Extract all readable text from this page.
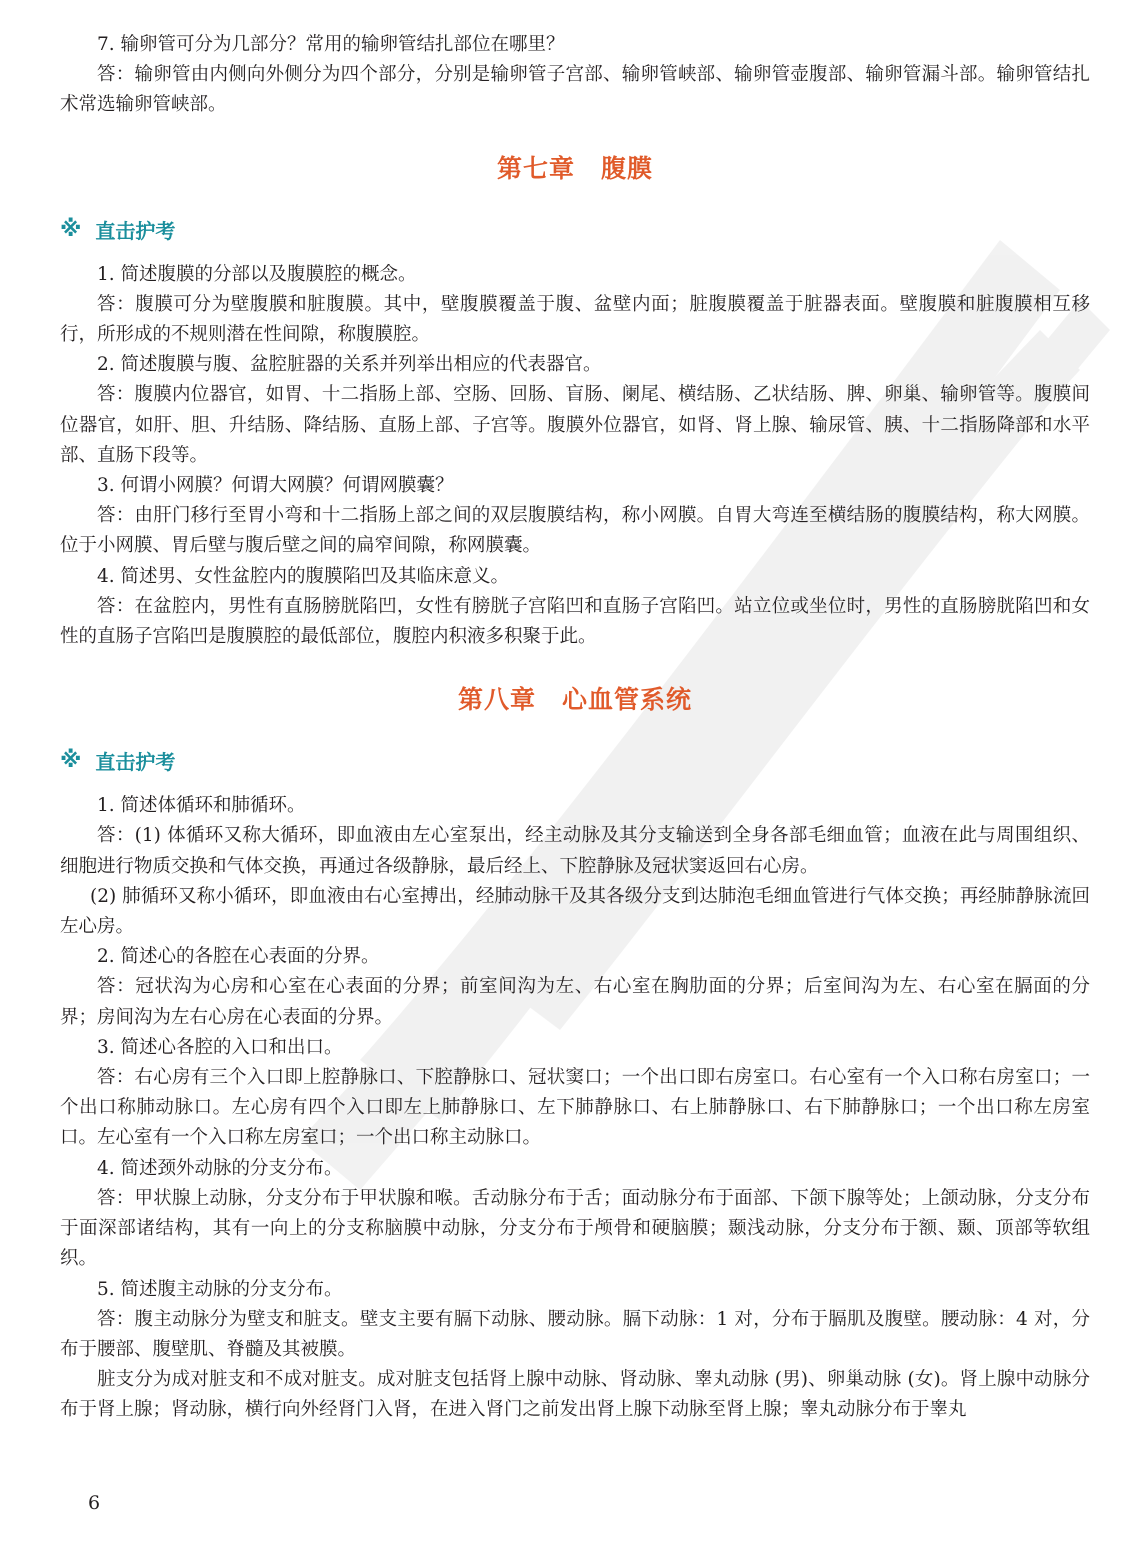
7. 输卵管可分为几部分？常用的输卵管结扎部位在哪里？

答：输卵管由内侧向外侧分为四个部分，分别是输卵管子宫部、输卵管峡部、输卵管壶腹部、输卵管漏斗部。输卵管结扎术常选输卵管峡部。

第七章　腹膜
※ 直击护考

1. 简述腹膜的分部以及腹膜腔的概念。

答：腹膜可分为壁腹膜和脏腹膜。其中，壁腹膜覆盖于腹、盆壁内面；脏腹膜覆盖于脏器表面。壁腹膜和脏腹膜相互移行，所形成的不规则潜在性间隙，称腹膜腔。

2. 简述腹膜与腹、盆腔脏器的关系并列举出相应的代表器官。

答：腹膜内位器官，如胃、十二指肠上部、空肠、回肠、盲肠、阑尾、横结肠、乙状结肠、脾、卵巢、输卵管等。腹膜间位器官，如肝、胆、升结肠、降结肠、直肠上部、子宫等。腹膜外位器官，如肾、肾上腺、输尿管、胰、十二指肠降部和水平部、直肠下段等。

3. 何谓小网膜？何谓大网膜？何谓网膜囊？

答：由肝门移行至胃小弯和十二指肠上部之间的双层腹膜结构，称小网膜。自胃大弯连至横结肠的腹膜结构，称大网膜。位于小网膜、胃后壁与腹后壁之间的扁窄间隙，称网膜囊。

4. 简述男、女性盆腔内的腹膜陷凹及其临床意义。

答：在盆腔内，男性有直肠膀胱陷凹，女性有膀胱子宫陷凹和直肠子宫陷凹。站立位或坐位时，男性的直肠膀胱陷凹和女性的直肠子宫陷凹是腹膜腔的最低部位，腹腔内积液多积聚于此。

第八章　心血管系统
※ 直击护考

1. 简述体循环和肺循环。

答：(1) 体循环又称大循环，即血液由左心室泵出，经主动脉及其分支输送到全身各部毛细血管；血液在此与周围组织、细胞进行物质交换和气体交换，再通过各级静脉，最后经上、下腔静脉及冠状窦返回右心房。

(2) 肺循环又称小循环，即血液由右心室搏出，经肺动脉干及其各级分支到达肺泡毛细血管进行气体交换；再经肺静脉流回左心房。

2. 简述心的各腔在心表面的分界。

答：冠状沟为心房和心室在心表面的分界；前室间沟为左、右心室在胸肋面的分界；后室间沟为左、右心室在膈面的分界；房间沟为左右心房在心表面的分界。

3. 简述心各腔的入口和出口。

答：右心房有三个入口即上腔静脉口、下腔静脉口、冠状窦口；一个出口即右房室口。右心室有一个入口称右房室口；一个出口称肺动脉口。左心房有四个入口即左上肺静脉口、左下肺静脉口、右上肺静脉口、右下肺静脉口；一个出口称左房室口。左心室有一个入口称左房室口；一个出口称主动脉口。

4. 简述颈外动脉的分支分布。

答：甲状腺上动脉，分支分布于甲状腺和喉。舌动脉分布于舌；面动脉分布于面部、下颌下腺等处；上颌动脉，分支分布于面深部诸结构，其有一向上的分支称脑膜中动脉，分支分布于颅骨和硬脑膜；颞浅动脉，分支分布于额、颞、顶部等软组织。

5. 简述腹主动脉的分支分布。

答：腹主动脉分为壁支和脏支。壁支主要有膈下动脉、腰动脉。膈下动脉：1 对，分布于膈肌及腹壁。腰动脉：4 对，分布于腰部、腹壁肌、脊髓及其被膜。

脏支分为成对脏支和不成对脏支。成对脏支包括肾上腺中动脉、肾动脉、睾丸动脉 (男)、卵巢动脉 (女)。肾上腺中动脉分布于肾上腺；肾动脉，横行向外经肾门入肾，在进入肾门之前发出肾上腺下动脉至肾上腺；睾丸动脉分布于睾丸

6
